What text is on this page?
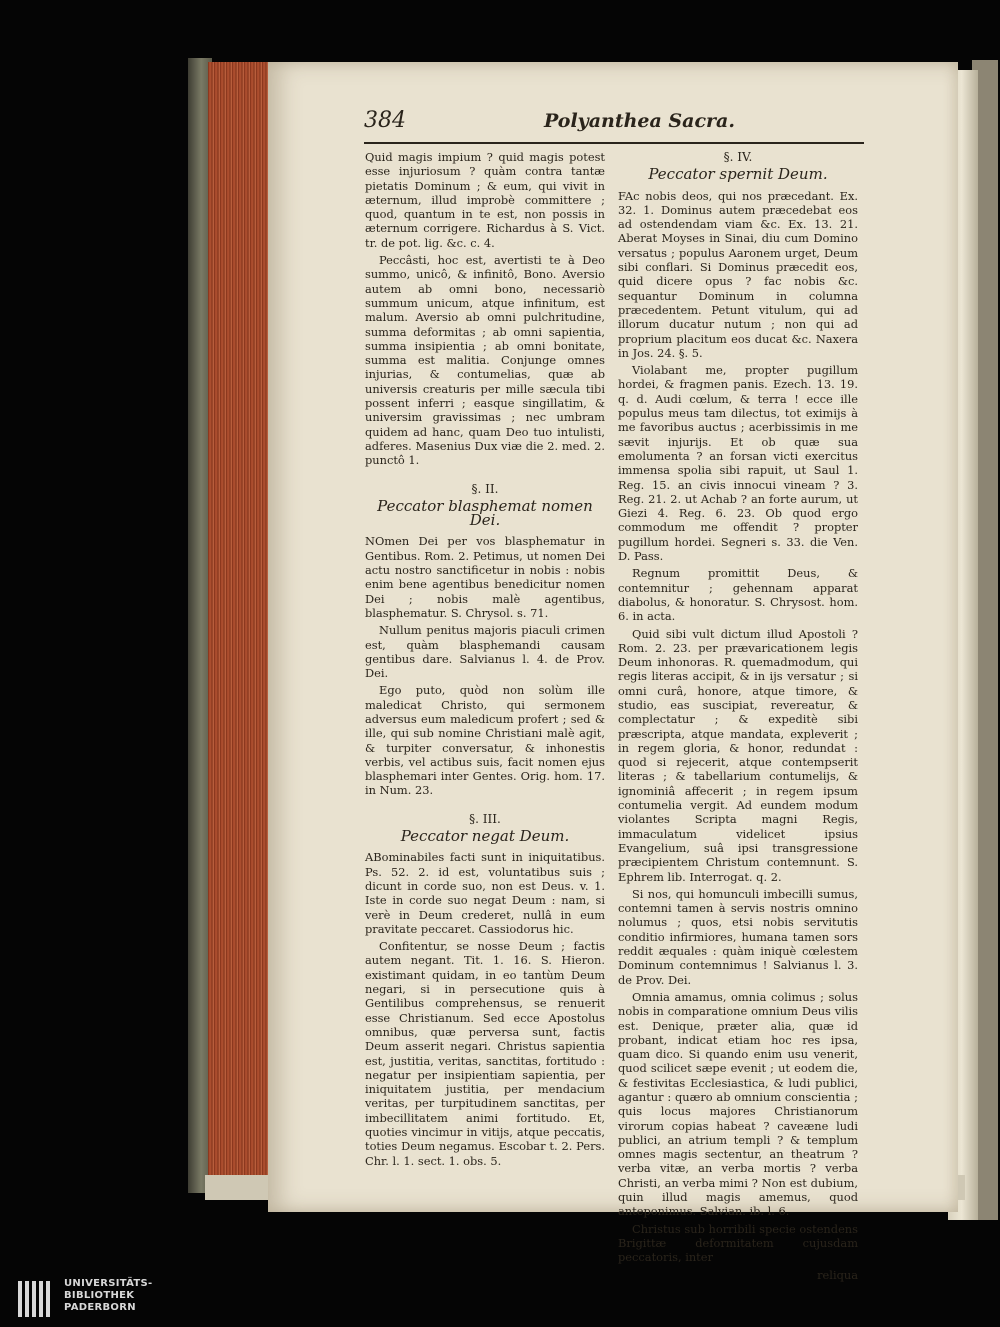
384	Polyanthea Sacra.

Quid magis impium ? quid magis potest esse injuriosum ? quàm contra tantæ pietatis Dominum ; & eum, qui vivit in æternum, illud improbè committere ; quod, quantum in te est, non possis in æternum corrigere. Richardus à S. Vict. tr. de pot. lig. &c. c. 4.

Peccâsti, hoc est, avertisti te à Deo summo, unicô, & infinitô, Bono. Aversio autem ab omni bono, necessariò summum unicum, atque infinitum, est malum. Aversio ab omni pulchritudine, summa deformitas ; ab omni sapientia, summa insipientia ; ab omni bonitate, summa est malitia. Conjunge omnes injurias, & contumelias, quæ ab universis creaturis per mille sæcula tibi possent inferri ; easque singillatim, & universim gravissimas ; nec umbram quidem ad hanc, quam Deo tuo intulisti, adferes. Masenius Dux viæ die 2. med. 2. punctô 1.

§. II.
Peccator blasphemat nomen Dei.

NOmen Dei per vos blasphematur in Gentibus. Rom. 2. Petimus, ut nomen Dei actu nostro sanctificetur in nobis : nobis enim bene agentibus benedicitur nomen Dei ; nobis malè agentibus, blasphematur. S. Chrysol. s. 71.

Nullum penitus majoris piaculi crimen est, quàm blasphemandi causam gentibus dare. Salvianus l. 4. de Prov. Dei.

Ego puto, quòd non solùm ille maledicat Christo, qui sermonem adversus eum maledicum profert ; sed & ille, qui sub nomine Christiani malè agit, & turpiter conversatur, & inhonestis verbis, vel actibus suis, facit nomen ejus blasphemari inter Gentes. Orig. hom. 17. in Num. 23.

§. III.
Peccator negat Deum.

ABominabiles facti sunt in iniquitatibus. Ps. 52. 2. id est, voluntatibus suis ; dicunt in corde suo, non est Deus. v. 1. Iste in corde suo negat Deum : nam, si verè in Deum crederet, nullâ in eum pravitate peccaret. Cassiodorus hic.

Confitentur, se nosse Deum ; factis autem negant. Tit. 1. 16. S. Hieron. existimant quidam, in eo tantùm Deum negari, si in persecutione quis à Gentilibus comprehensus, se renuerit esse Christianum. Sed ecce Apostolus omnibus, quæ perversa sunt, factis Deum asserit negari. Christus sapientia est, justitia, veritas, sanctitas, fortitudo : negatur per insipientiam sapientia, per iniquitatem justitia, per mendacium veritas, per turpitudinem sanctitas, per imbecillitatem animi fortitudo. Et, quoties vincimur in vitijs, atque peccatis, toties Deum negamus. Escobar t. 2. Pers. Chr. l. 1. sect. 1. obs. 5.

§. IV.
Peccator spernit Deum.

FAc nobis deos, qui nos præcedant. Ex. 32. 1. Dominus autem præcedebat eos ad ostendendam viam &c. Ex. 13. 21. Aberat Moyses in Sinai, diu cum Domino versatus ; populus Aaronem urget, Deum sibi conflari. Si Dominus præcedit eos, quid dicere opus ? fac nobis &c. sequantur Dominum in columna præcedentem. Petunt vitulum, qui ad illorum ducatur nutum ; non qui ad proprium placitum eos ducat &c. Naxera in Jos. 24. §. 5.

Violabant me, propter pugillum hordei, & fragmen panis. Ezech. 13. 19. q. d. Audi cœlum, & terra ! ecce ille populus meus tam dilectus, tot eximijs à me favoribus auctus ; acerbissimis in me sævit injurijs. Et ob quæ sua emolumenta ? an forsan victi exercitus immensa spolia sibi rapuit, ut Saul 1. Reg. 15. an civis innocui vineam ? 3. Reg. 21. 2. ut Achab ? an forte aurum, ut Giezi 4. Reg. 6. 23. Ob quod ergo commodum me offendit ? propter pugillum hordei. Segneri s. 33. die Ven. D. Pass.

Regnum promittit Deus, & contemnitur ; gehennam apparat diabolus, & honoratur. S. Chrysost. hom. 6. in acta.

Quid sibi vult dictum illud Apostoli ? Rom. 2. 23. per prævaricationem legis Deum inhonoras. R. quemadmodum, qui regis literas accipit, & in ijs versatur ; si omni curâ, honore, atque timore, & studio, eas suscipiat, revereatur, & complectatur ; & expeditè sibi præscripta, atque mandata, expleverit ; in regem gloria, & honor, redundat : quod si rejecerit, atque contempserit literas ; & tabellarium contumelijs, & ignominiâ affecerit ; in regem ipsum contumelia vergit. Ad eundem modum violantes Scripta magni Regis, immaculatum videlicet ipsius Evangelium, suâ ipsi transgressione præcipientem Christum contemnunt. S. Ephrem lib. Interrogat. q. 2.

Si nos, qui homunculi imbecilli sumus, contemni tamen à servis nostris omnino nolumus ; quos, etsi nobis servitutis conditio infirmiores, humana tamen sors reddit æquales : quàm iniquè cœlestem Dominum contemnimus ! Salvianus l. 3. de Prov. Dei.

Omnia amamus, omnia colimus ; solus nobis in comparatione omnium Deus vilis est. Denique, præter alia, quæ id probant, indicat etiam hoc res ipsa, quam dico. Si quando enim usu venerit, quod scilicet sæpe evenit ; ut eodem die, & festivitas Ecclesiastica, & ludi publici, agantur : quæro ab omnium conscientia ; quis locus majores Christianorum virorum copias habeat ? caveæne ludi publici, an atrium templi ? & templum omnes magis sectentur, an theatrum ? verba vitæ, an verba mortis ? verba Christi, an verba mimi ? Non est dubium, quin illud magis amemus, quod anteponimus. Salvian. ib. l. 6.

Christus sub horribili specie ostendens Brigittæ deformitatem cujusdam peccatoris, inter

reliqua
UNIVERSITÄTS-
BIBLIOTHEK
PADERBORN
